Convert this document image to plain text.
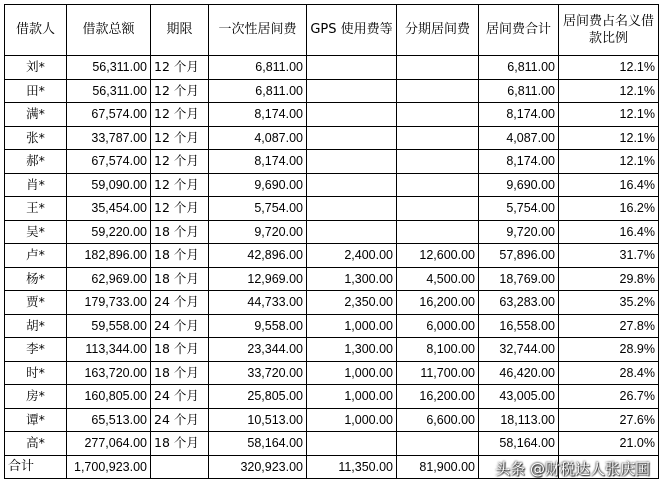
借款人	借款总额	期限	一次性居间费	GPS 使用费等	分期居间费	居间费合计	居间费占名义借款比例
刘*	56,311.00	12 个月	6,811.00			6,811.00	12.1%
田*	56,311.00	12 个月	6,811.00			6,811.00	12.1%
满*	67,574.00	12 个月	8,174.00			8,174.00	12.1%
张*	33,787.00	12 个月	4,087.00			4,087.00	12.1%
郝*	67,574.00	12 个月	8,174.00			8,174.00	12.1%
肖*	59,090.00	12 个月	9,690.00			9,690.00	16.4%
王*	35,454.00	12 个月	5,754.00			5,754.00	16.2%
吴*	59,220.00	18 个月	9,720.00			9,720.00	16.4%
卢*	182,896.00	18 个月	42,896.00	2,400.00	12,600.00	57,896.00	31.7%
杨*	62,969.00	18 个月	12,969.00	1,300.00	4,500.00	18,769.00	29.8%
贾*	179,733.00	24 个月	44,733.00	2,350.00	16,200.00	63,283.00	35.2%
胡*	59,558.00	24 个月	9,558.00	1,000.00	6,000.00	16,558.00	27.8%
李*	113,344.00	18 个月	23,344.00	1,300.00	8,100.00	32,744.00	28.9%
时*	163,720.00	18 个月	33,720.00	1,000.00	11,700.00	46,420.00	28.4%
房*	160,805.00	24 个月	25,805.00	1,000.00	16,200.00	43,005.00	26.7%
谭*	65,513.00	24 个月	10,513.00	1,000.00	6,600.00	18,113.00	27.6%
高*	277,064.00	18 个月	58,164.00			58,164.00	21.0%
合计	1,700,923.00		320,923.00	11,350.00	81,900.00		头条 @财税达人张庆国
